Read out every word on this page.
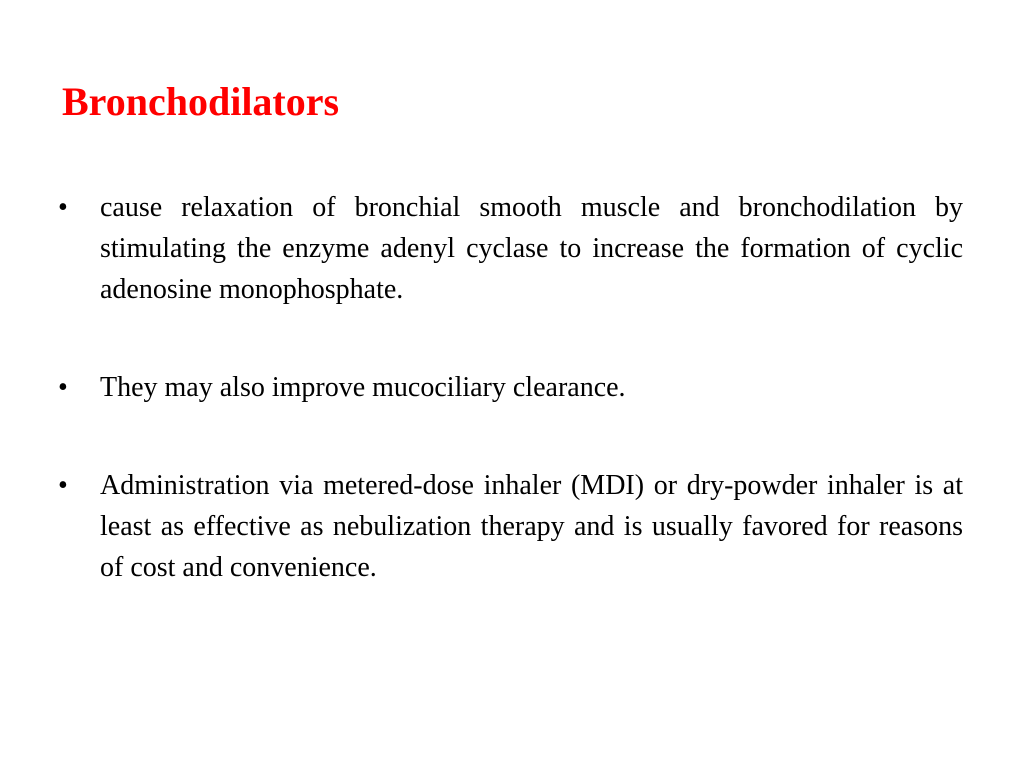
Bronchodilators
•	cause relaxation of bronchial smooth muscle and bronchodilation by stimulating the enzyme adenyl cyclase to increase the formation of cyclic adenosine monophosphate.
•	They may also improve mucociliary clearance.
•	Administration via metered-dose inhaler (MDI) or dry-powder inhaler is at least as effective as nebulization therapy and is usually favored for reasons of cost and convenience.
